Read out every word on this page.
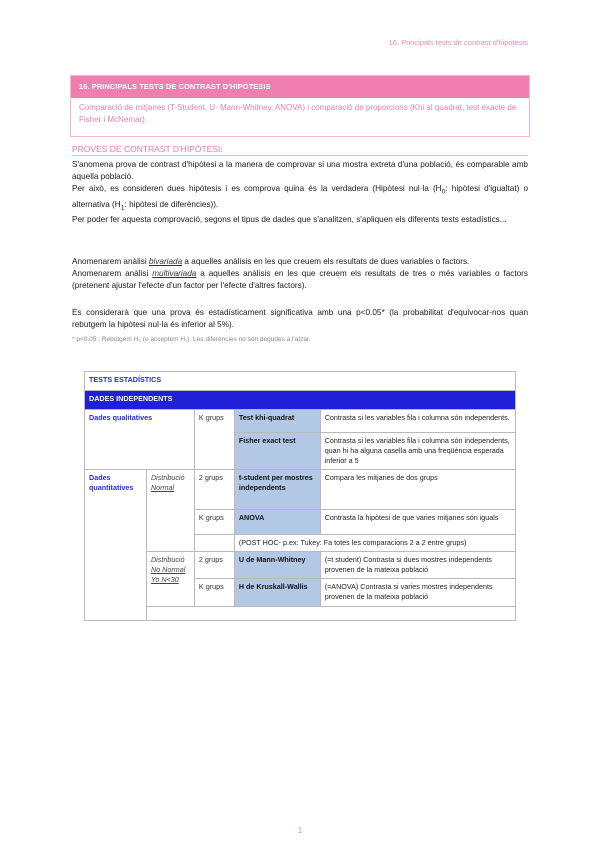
16. Principals tests de contrast d'hipòtesis
16. PRINCIPALS TESTS DE CONTRAST D'HIPÒTESIS
Comparació de mitjanes (T-Student, U- Mann-Whitney, ANOVA) i comparació de proporcions (Khi al quadrat, test exacte de Fisher i McNemar).
PROVES DE CONTRAST D'HIPÒTESI:
S'anomena prova de contrast d'hipòtesi a la manera de comprovar si una mostra extreta d'una població, és comparable amb aquella població.
Per això, es consideren dues hipòtesis i es comprova quina és la verdadera (Hipòtesi nul·la ($H_0$: hipòtesi d'igualtat) o alternativa ($H_1$: hipòtesi de diferències)).
Per poder fer aquesta comprovació, segons el tipus de dades que s'analitzen, s'apliquen els diferents tests estadístics...
Anomenarem anàlisi bivariada a aquelles anàlisis en les que creuem els resultats de dues variables o factors.
Anomenarem anàlisi multivariada a aquelles anàlisis en les que creuem els resultats de tres o més variables o factors (pretenent ajustar l'efecte d'un factor per l'efecte d'altres factors).
Es considerarà que una prova és estadísticament significativa amb una p<0.05* (la probabilitat d'equivocar-nos quan rebutgem la hipòtesi nul·la és inferior al 5%).
* p<0.05 : Rebutgem H₀ (o acceptem H₁). Les diferències no són degudes a l'atzar.
TESTS ESTADÍSTICS				
DADES INDEPENDENTS				
Dades qualitatives		K grups	Test khi-quadrat	Contrasta si les variables fila i columna són independents.
			Fisher exact test	Contrasta si les variables fila i columna són independents, quan hi ha alguna casella amb una freqüència esperada inferior a 5
Dades quantitatives	Distribució
Normal	2 grups	t-student per mostres independents	Compara les mitjanes de dos grups
		K grups	ANOVA	Contrasta la hipòtesi de que varies mitjanes són iguals
			(POST HOC- p.ex: Tukey: Fa totes les comparacions 2 a 2 entre grups)	

	Distribució
No Normal
Yo N<30	2 grups	U de Mann-Whitney	(=t student) Contrasta si dues mostres independents provenen de la mateixa població
		K grups	H de Kruskall-Wallis	(=ANOVA) Contrasta si varies mostres independents provenen de la mateixa població

1
